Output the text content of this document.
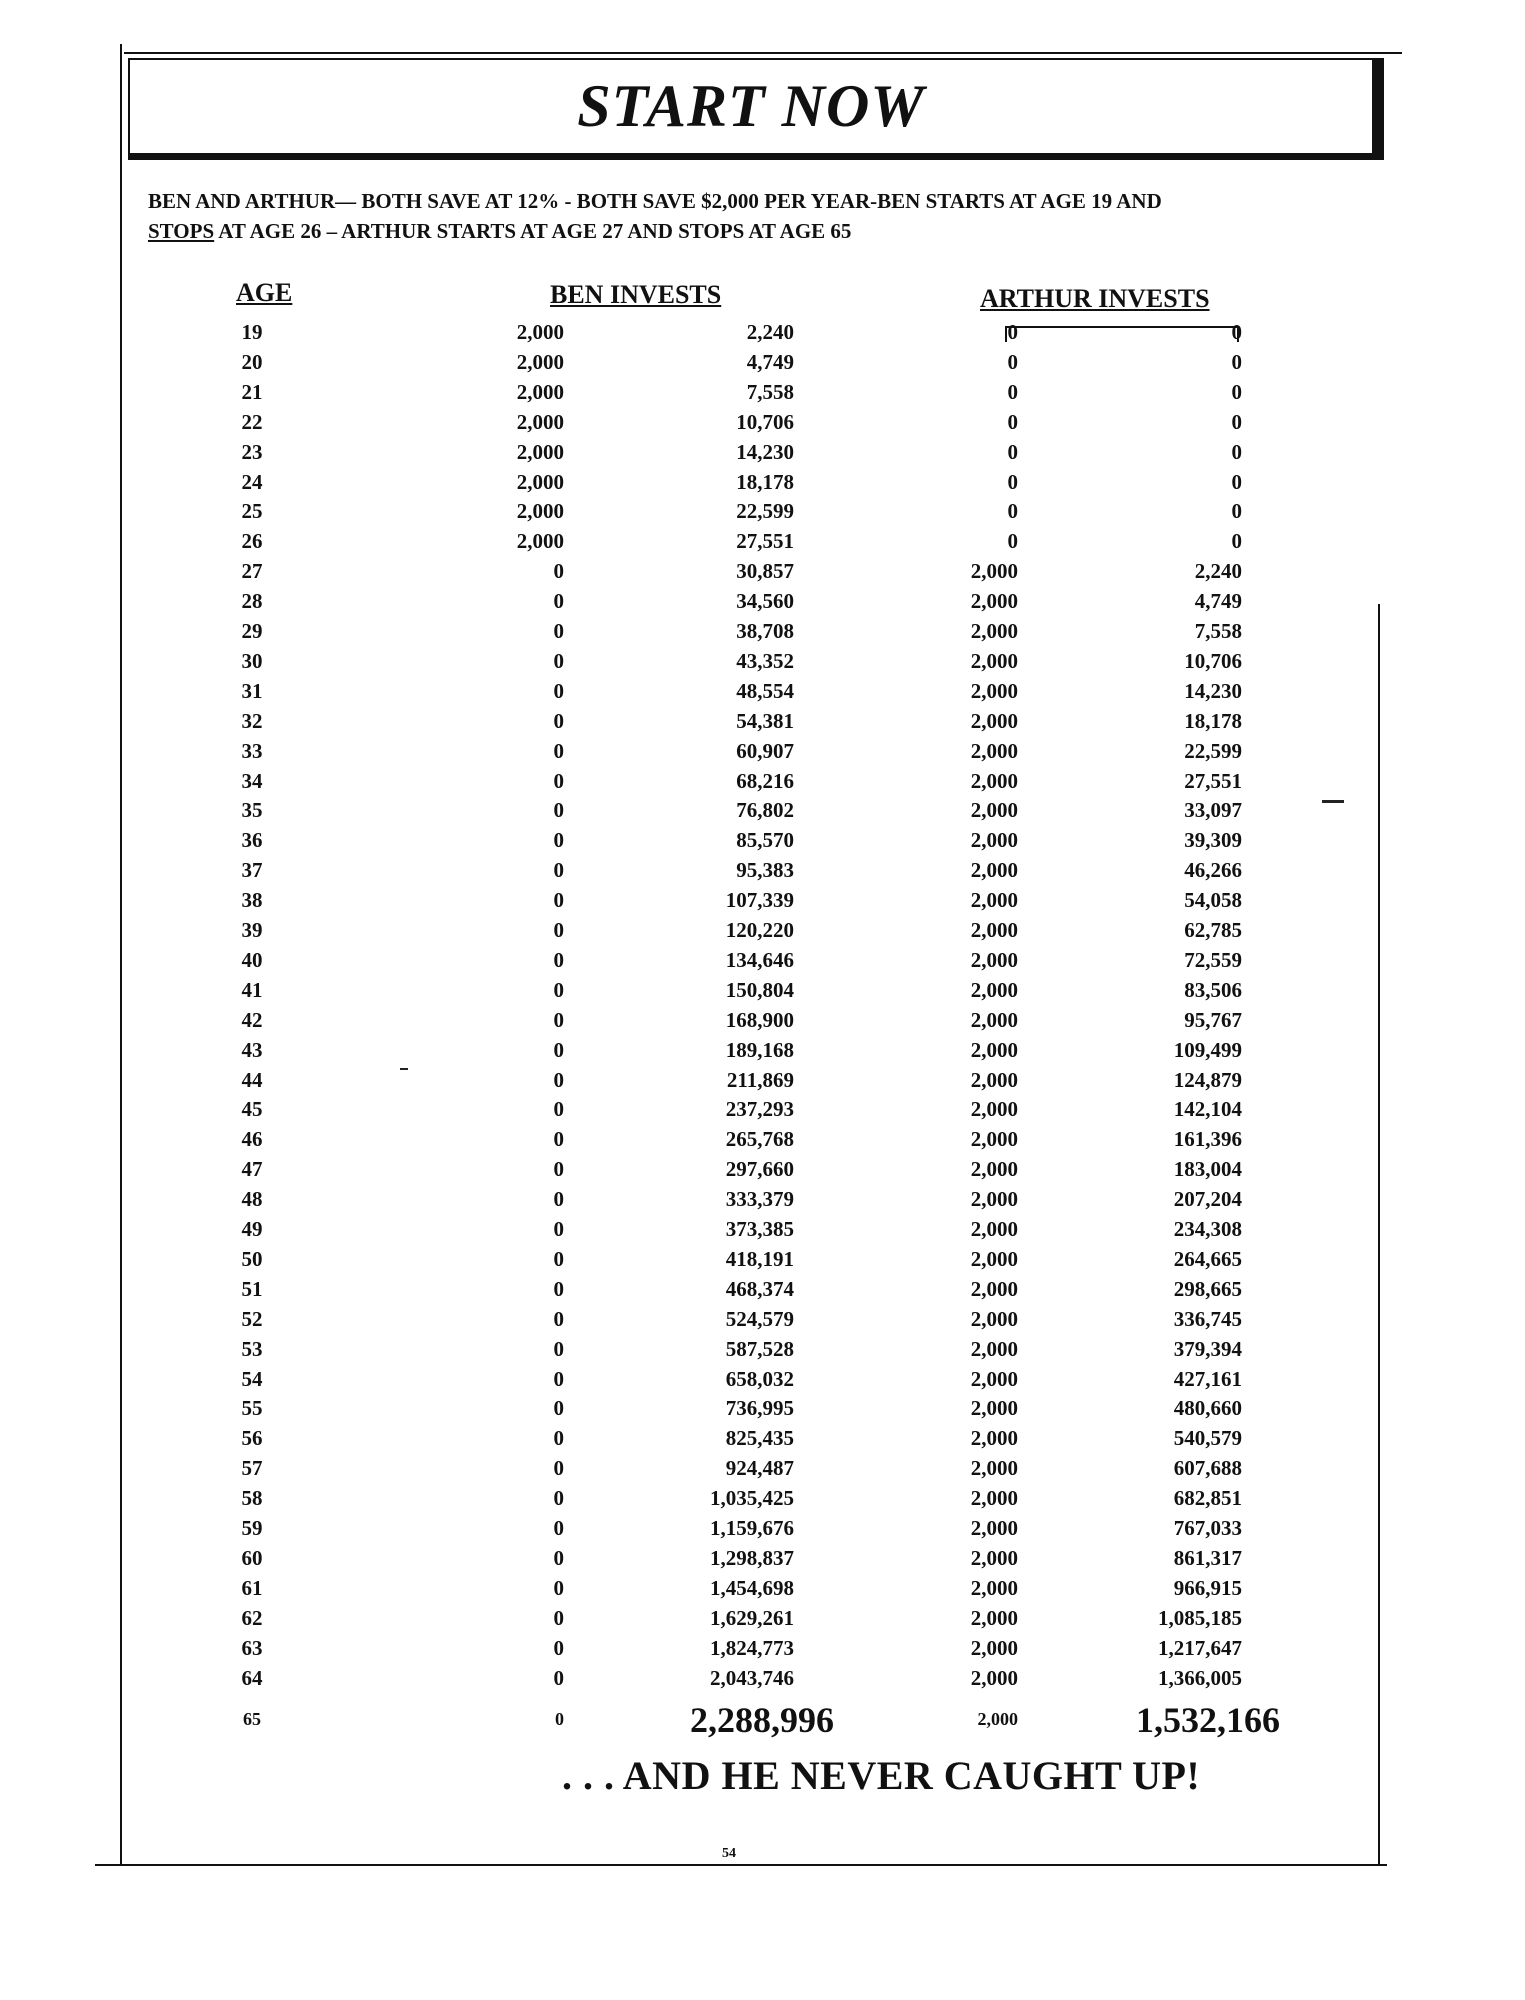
START NOW
BEN AND ARTHUR— BOTH SAVE AT 12% - BOTH SAVE $2,000 PER YEAR-BEN STARTS AT AGE 19 AND
STOPS AT AGE 26 – ARTHUR STARTS AT AGE 27 AND STOPS AT AGE 65
AGE	BEN INVESTS	ARTHUR INVESTS
19	2,000	2,240	0	0
20	2,000	4,749	0	0
21	2,000	7,558	0	0
22	2,000	10,706	0	0
23	2,000	14,230	0	0
24	2,000	18,178	0	0
25	2,000	22,599	0	0
26	2,000	27,551	0	0
27	0	30,857	2,000	2,240
28	0	34,560	2,000	4,749
29	0	38,708	2,000	7,558
30	0	43,352	2,000	10,706
31	0	48,554	2,000	14,230
32	0	54,381	2,000	18,178
33	0	60,907	2,000	22,599
34	0	68,216	2,000	27,551
35	0	76,802	2,000	33,097
36	0	85,570	2,000	39,309
37	0	95,383	2,000	46,266
38	0	107,339	2,000	54,058
39	0	120,220	2,000	62,785
40	0	134,646	2,000	72,559
41	0	150,804	2,000	83,506
42	0	168,900	2,000	95,767
43	0	189,168	2,000	109,499
44	0	211,869	2,000	124,879
45	0	237,293	2,000	142,104
46	0	265,768	2,000	161,396
47	0	297,660	2,000	183,004
48	0	333,379	2,000	207,204
49	0	373,385	2,000	234,308
50	0	418,191	2,000	264,665
51	0	468,374	2,000	298,665
52	0	524,579	2,000	336,745
53	0	587,528	2,000	379,394
54	0	658,032	2,000	427,161
55	0	736,995	2,000	480,660
56	0	825,435	2,000	540,579
57	0	924,487	2,000	607,688
58	0	1,035,425	2,000	682,851
59	0	1,159,676	2,000	767,033
60	0	1,298,837	2,000	861,317
61	0	1,454,698	2,000	966,915
62	0	1,629,261	2,000	1,085,185
63	0	1,824,773	2,000	1,217,647
64	0	2,043,746	2,000	1,366,005
65	0	2,288,996	2,000	1,532,166
. . . AND HE NEVER CAUGHT UP!
54
